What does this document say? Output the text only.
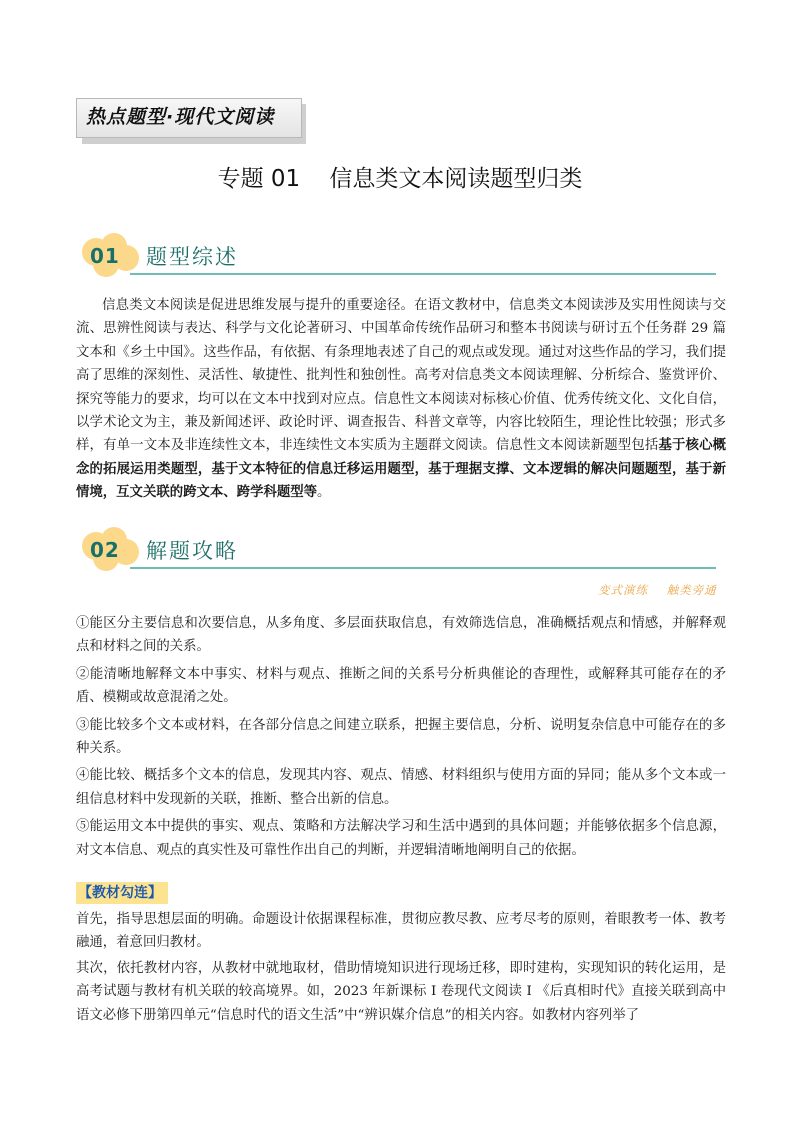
热点题型·现代文阅读
专题 01    信息类文本阅读题型归类
01 题型综述

信息类文本阅读是促进思维发展与提升的重要途径。在语文教材中，信息类文本阅读涉及实用性阅读与交流、思辨性阅读与表达、科学与文化论著研习、中国革命传统作品研习和整本书阅读与研讨五个任务群 29 篇文本和《乡土中国》。这些作品，有依据、有条理地表述了自己的观点或发现。通过对这些作品的学习，我们提高了思维的深刻性、灵活性、敏捷性、批判性和独创性。高考对信息类文本阅读理解、分析综合、鉴赏评价、探究等能力的要求，均可以在文本中找到对应点。信息性文本阅读对标核心价值、优秀传统文化、文化自信，以学术论文为主，兼及新闻述评、政论时评、调查报告、科普文章等，内容比较陌生，理论性比较强；形式多样，有单一文本及非连续性文本，非连续性文本实质为主题群文阅读。信息性文本阅读新题型包括基于核心概念的拓展运用类题型，基于文本特征的信息迁移运用题型，基于理据支撑、文本逻辑的解决问题题型，基于新情境，互文关联的跨文本、跨学科题型等。

02 解题攻略
变式演练    触类旁通

①能区分主要信息和次要信息，从多角度、多层面获取信息，有效筛选信息，准确概括观点和情感，并解释观点和材料之间的关系。

②能清晰地解释文本中事实、材料与观点、推断之间的关系号分析典催论的杳理性，或解释其可能存在的矛盾、模糊或故意混淆之处。

③能比较多个文本或材料，在各部分信息之间建立联系，把握主要信息，分析、说明复杂信息中可能存在的多种关系。

④能比较、概括多个文本的信息，发现其内容、观点、情感、材料组织与使用方面的异同；能从多个文本或一组信息材料中发现新的关联，推断、整合出新的信息。

⑤能运用文本中提供的事实、观点、策略和方法解决学习和生活中遇到的具体问题；并能够依据多个信息源，对文本信息、观点的真实性及可靠性作出自己的判断，并逻辑清晰地阐明自己的依据。

【教材勾连】

首先，指导思想层面的明确。命题设计依据课程标准，贯彻应教尽教、应考尽考的原则，着眼教考一体、教考融通，着意回归教材。

其次，依托教材内容，从教材中就地取材，借助情境知识进行现场迁移，即时建构，实现知识的转化运用，是高考试题与教材有机关联的较高境界。如，2023 年新课标 I 卷现代文阅读 I 《后真相时代》直接关联到高中语文必修下册第四单元“信息时代的语文生活”中“辨识媒介信息”的相关内容。如教材内容列举了
